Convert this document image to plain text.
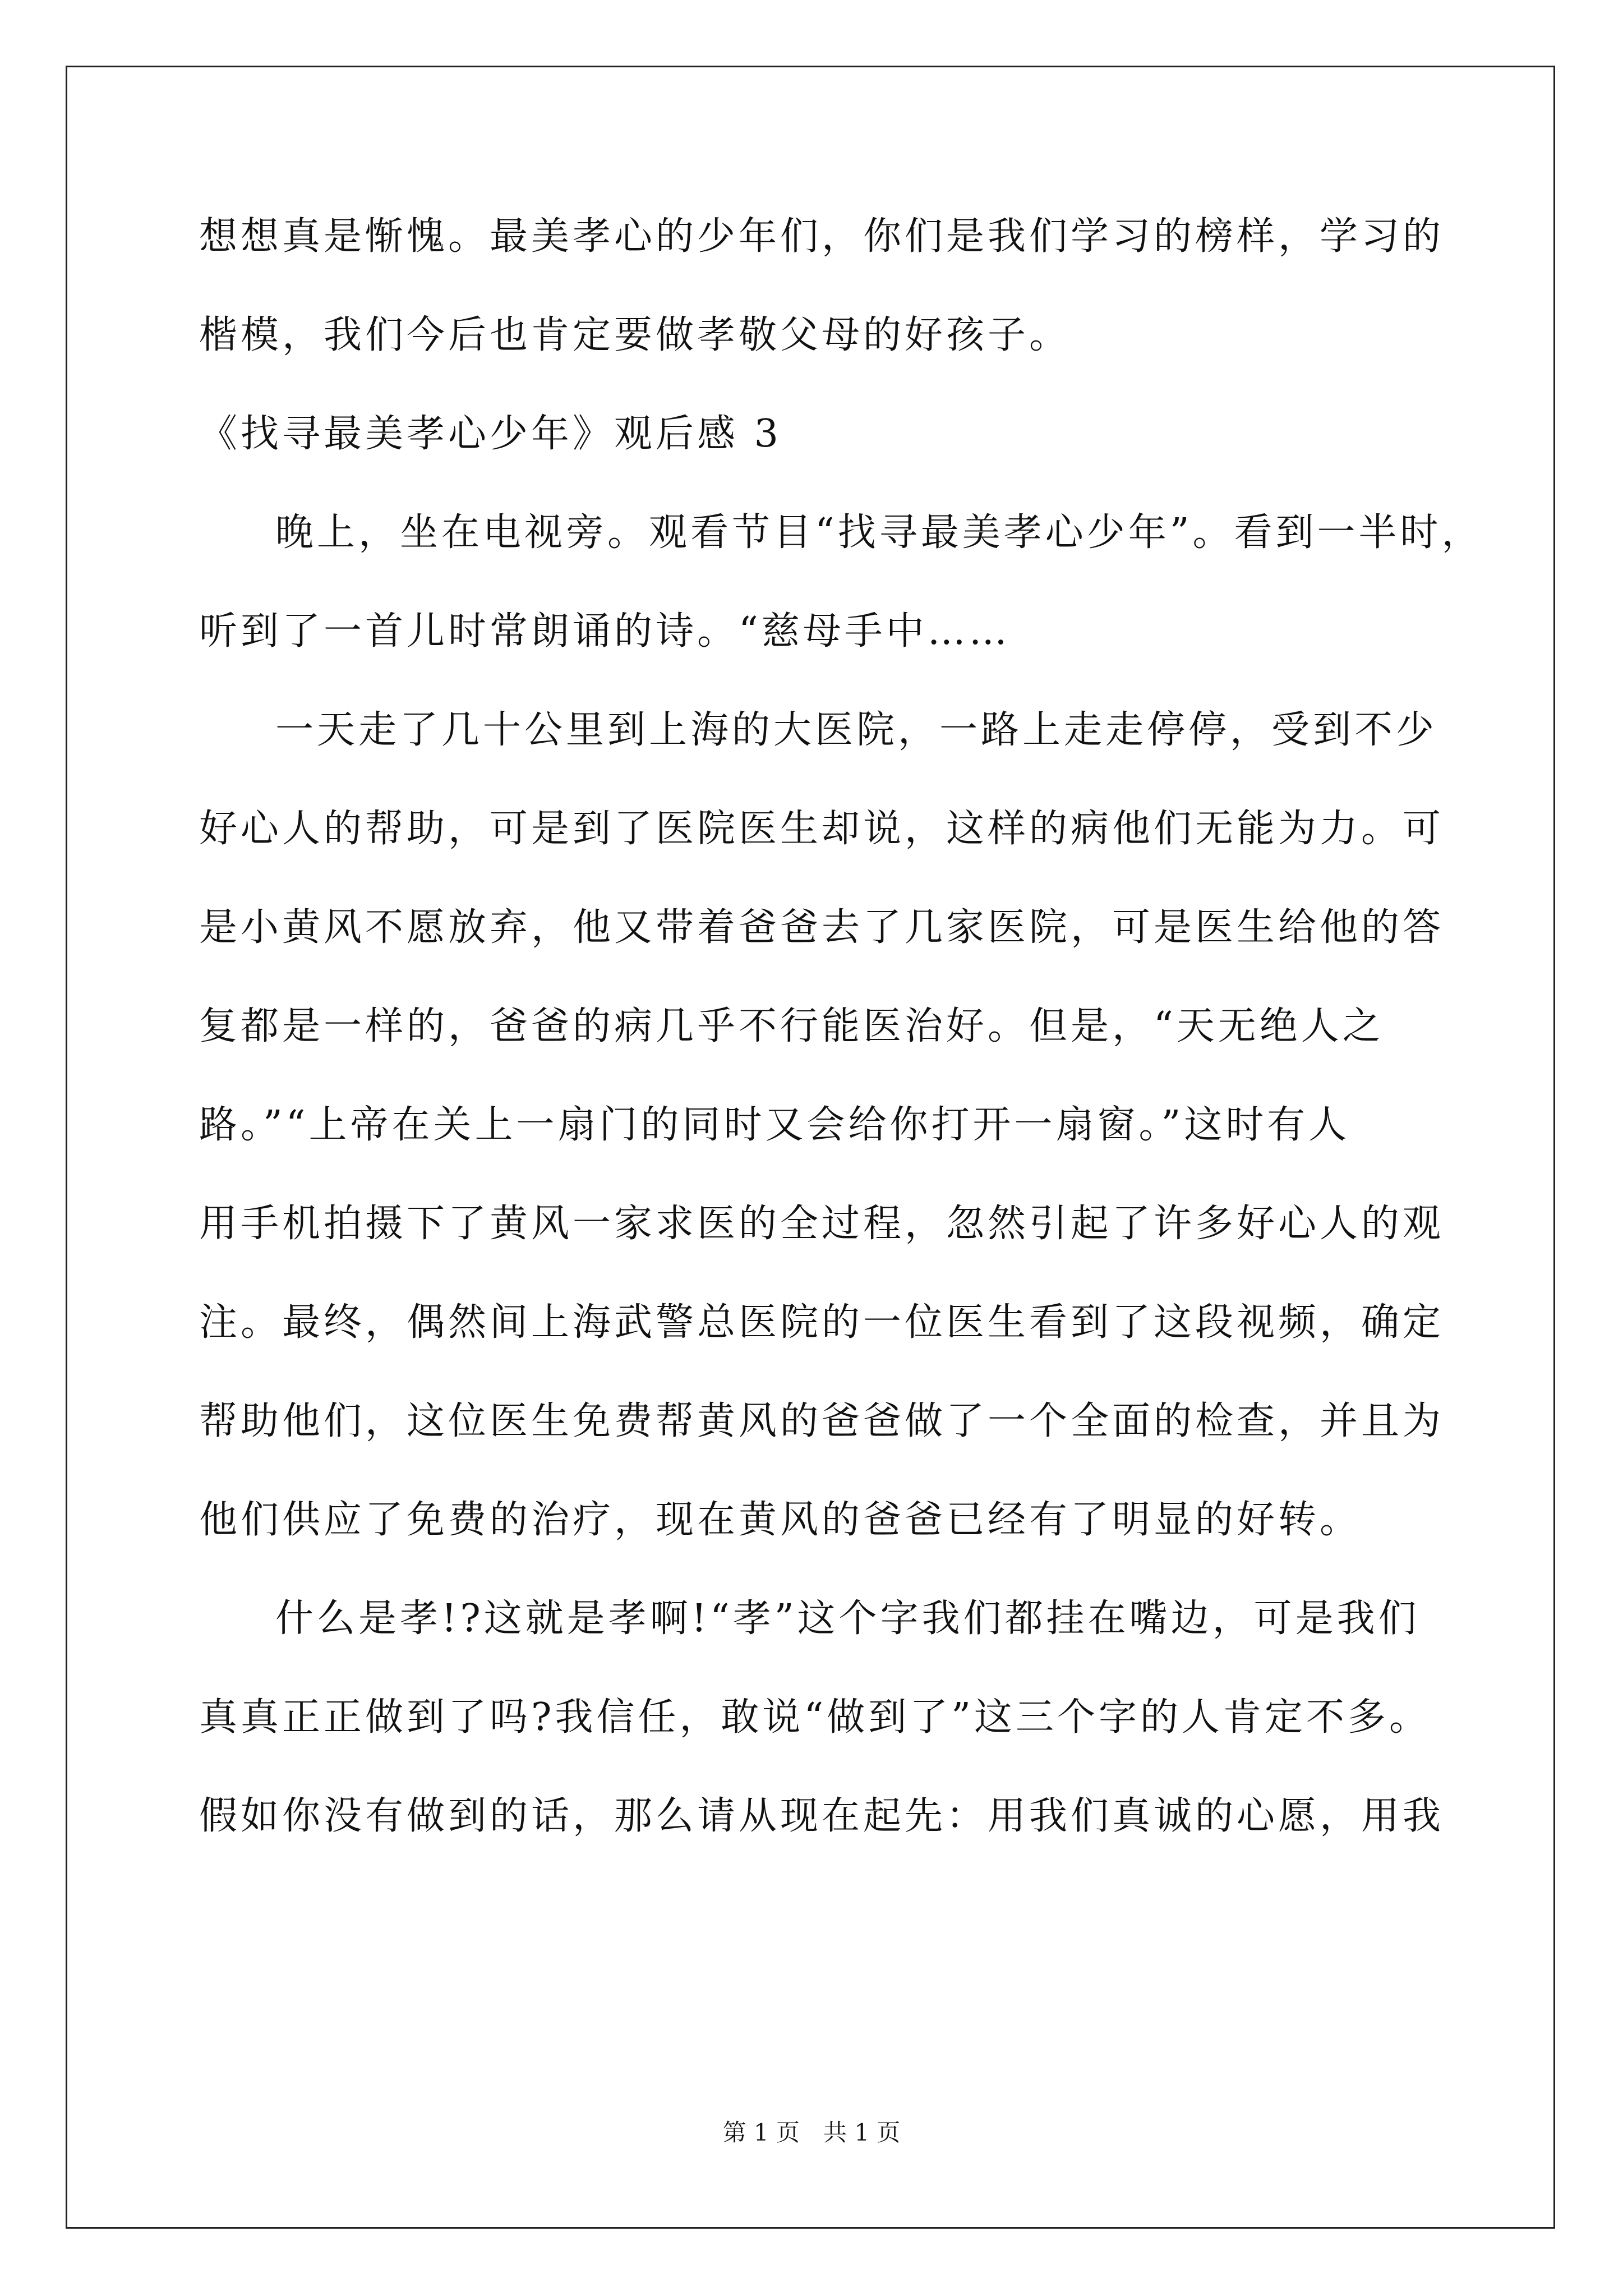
想想真是惭愧。最美孝心的少年们，你们是我们学习的榜样，学习的
楷模，我们今后也肯定要做孝敬父母的好孩子。
《找寻最美孝心少年》观后感 3
晚上，坐在电视旁。观看节目“找寻最美孝心少年”。看到一半时，
听到了一首儿时常朗诵的诗。“慈母手中……
一天走了几十公里到上海的大医院，一路上走走停停，受到不少
好心人的帮助，可是到了医院医生却说，这样的病他们无能为力。可
是小黄风不愿放弃，他又带着爸爸去了几家医院，可是医生给他的答
复都是一样的，爸爸的病几乎不行能医治好。但是，“天无绝人之
路。”“上帝在关上一扇门的同时又会给你打开一扇窗。”这时有人
用手机拍摄下了黄风一家求医的全过程，忽然引起了许多好心人的观
注。最终，偶然间上海武警总医院的一位医生看到了这段视频，确定
帮助他们，这位医生免费帮黄风的爸爸做了一个全面的检查，并且为
他们供应了免费的治疗，现在黄风的爸爸已经有了明显的好转。
什么是孝!?这就是孝啊!“孝”这个字我们都挂在嘴边，可是我们
真真正正做到了吗?我信任，敢说“做到了”这三个字的人肯定不多。
假如你没有做到的话，那么请从现在起先：用我们真诚的心愿，用我
第 1 页　共 1 页
